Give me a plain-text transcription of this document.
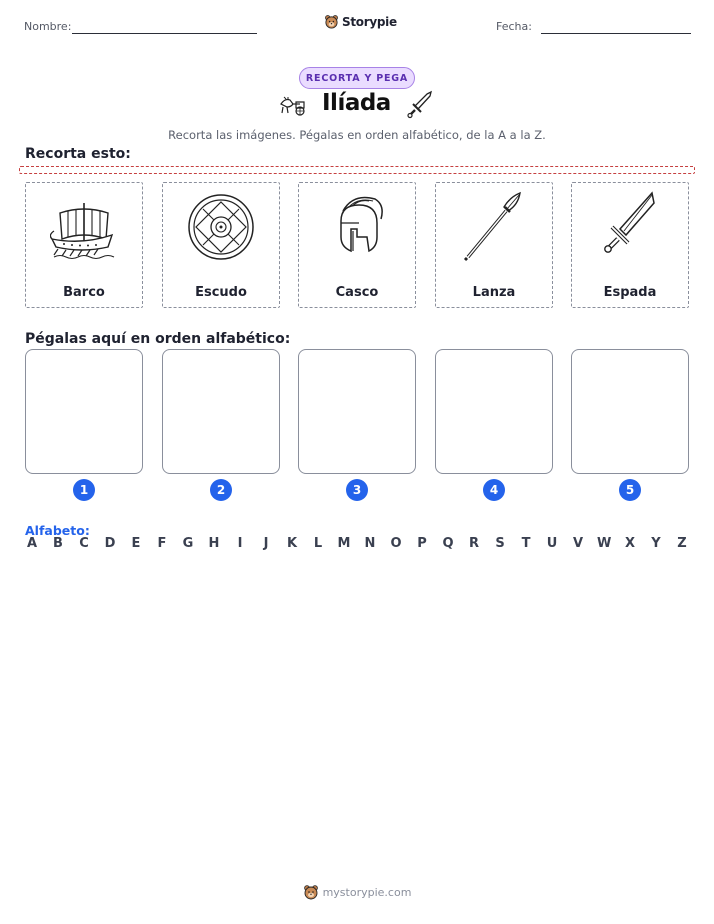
Nombre:	Storypie	Fecha:
RECORTA Y PEGA
Ilíada
Recorta las imágenes. Pégalas en orden alfabético, de la A a la Z.
Recorta esto:
Barco	Escudo	Casco	Lanza	Espada
Pégalas aquí en orden alfabético:
1	2	3	4	5
Alfabeto:
A B C D E F G H	I	J	K L M N O P Q R S T U V W X Y Z
mystorypie.com
